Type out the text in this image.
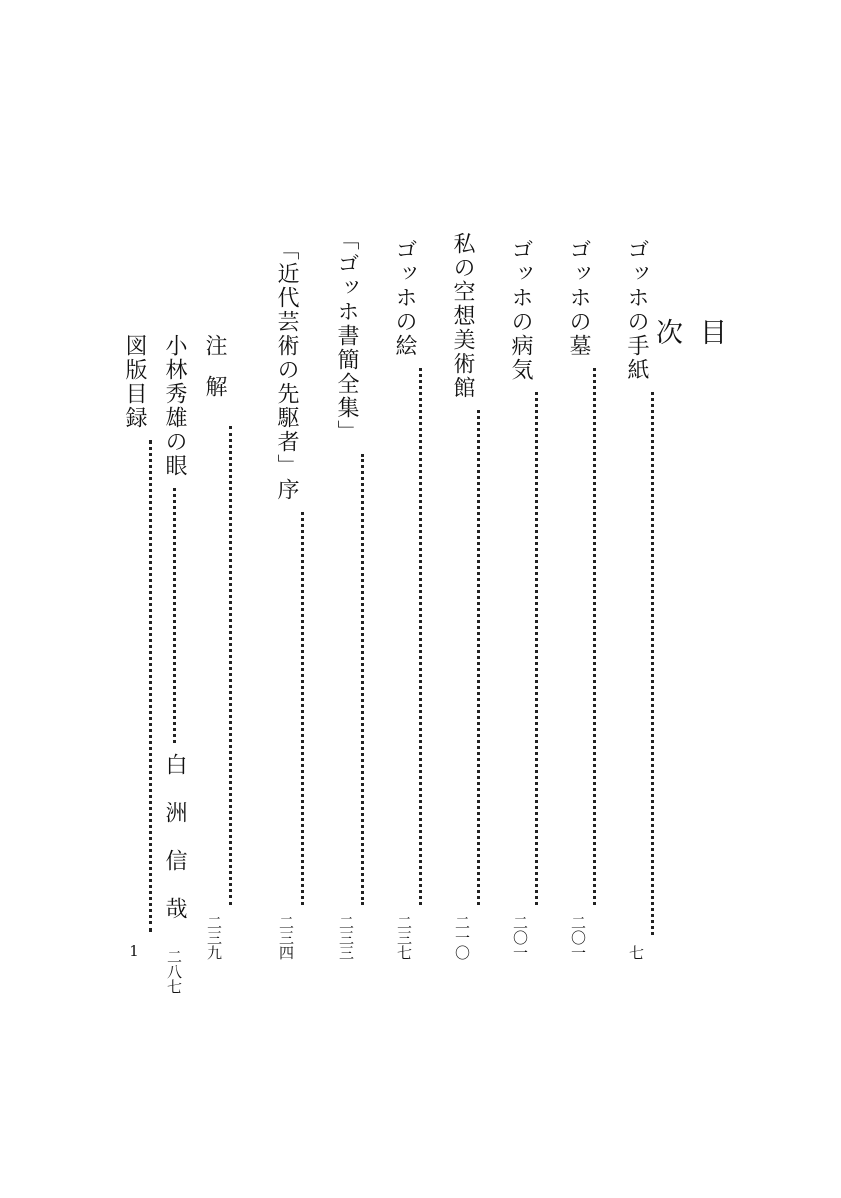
目次
ゴッホの手紙
七
ゴッホの墓
二〇一
ゴッホの病気
二〇一
私の空想美術館
二一〇
ゴッホの絵
二三七
「ゴッホ書簡全集」
二三三
「近代芸術の先駆者」序
二三四
注解
二三九
小林秀雄の眼
白洲信哉
二八七
図版目録
1
